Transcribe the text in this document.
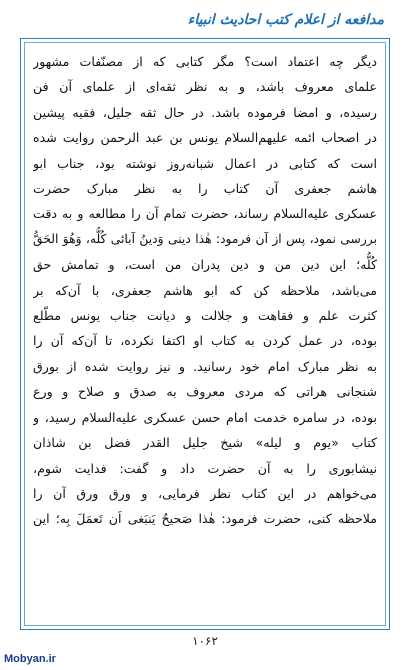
مدافعه از اعلام کتب احادیث انبیاء
دیگر چه اعتماد است؟ مگر کتابی که از مصنّفات مشهور
علمای معروف باشد، و به نظر ثقه‌ای از علمای آن فن
رسیده، و امضا فرموده باشد. در حال ثقه جلیل، فقیه پیشین
در اصحاب ائمه علیهم‌السلام یونس بن عبد الرحمن روایت شده
است که کتابی در اعمال شبانه‌روز نوشته بود، جناب ابو
هاشم جعفری آن کتاب را به نظر مبارک حضرت
عسکری علیه‌السلام رساند، حضرت تمام آن را مطالعه و به دقت
بررسی نمود، پس از آن فرمود: هٰذا دینی وَدینُ آبائی کُلُّه، وَهُوَ الحَقُّ
کُلُّه؛ این دین من و دین پدران من است، و تمامش حق
می‌باشد، ملاحظه کن که ابو هاشم جعفری، با آن‌که بر
کثرت علم و فقاهت و جلالت و دیانت جناب یونس مطّلع
بوده، در عمل کردن به کتاب او اکتفا نکرده، تا آن‌که آن را
به نظر مبارک امام خود رسانید. و نیز روایت شده از بورق
شنجانی هراتی که مردی معروف به صدق و صلاح و ورع
بوده، در سامره خدمت امام حسن عسکری علیه‌السلام رسید، و
کتاب «یوم و لیله» شیخ جلیل القدر فضل بن شاذان
نیشابوری را به آن حضرت داد و گفت: فدایت شوم،
می‌خواهم در این کتاب نظر فرمایی، و ورق ورق آن را
ملاحظه کنی، حضرت فرمود: هٰذا صَحیحٌ یَنبَغی اَن تَعمَلَ بِه؛ این
۱۰۶۲
Mobyan.ir
